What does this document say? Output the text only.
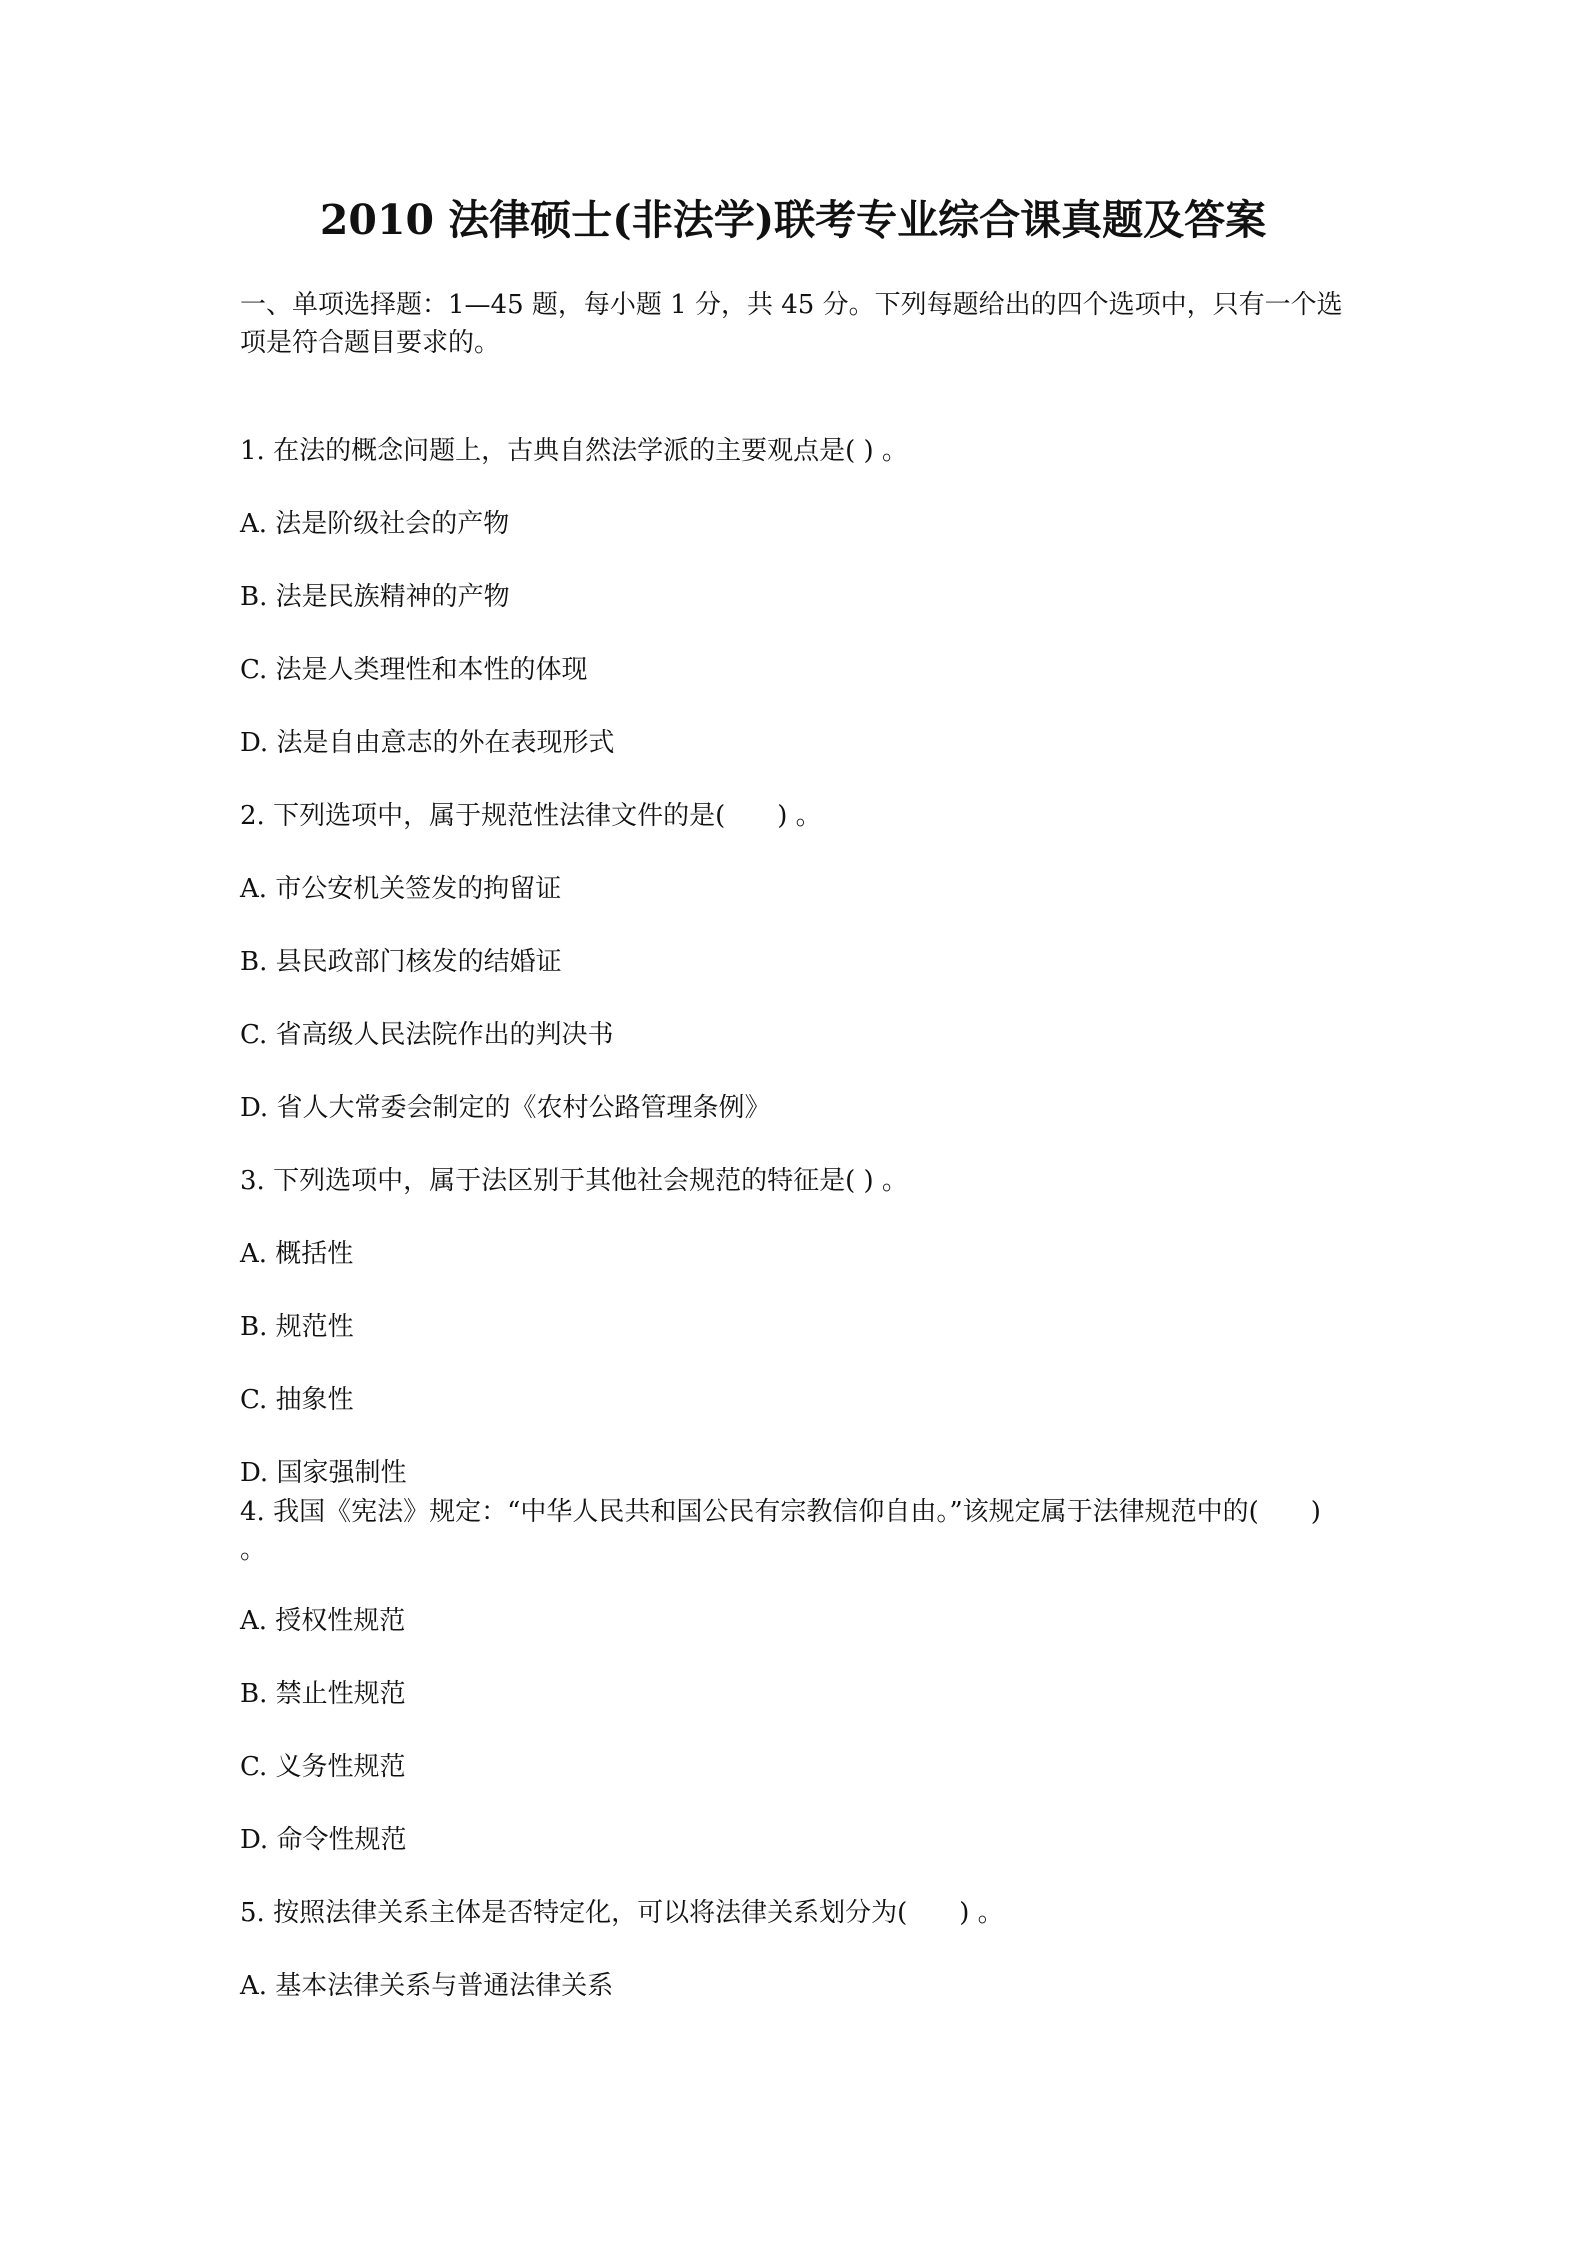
2010 法律硕士(非法学)联考专业综合课真题及答案

一、单项选择题：1—45 题，每小题 1 分，共 45 分。下列每题给出的四个选项中，只有一个选项是符合题目要求的。

1. 在法的概念问题上，古典自然法学派的主要观点是( ) 。

A. 法是阶级社会的产物

B. 法是民族精神的产物

C. 法是人类理性和本性的体现

D. 法是自由意志的外在表现形式

2. 下列选项中，属于规范性法律文件的是(　　) 。

A. 市公安机关签发的拘留证

B. 县民政部门核发的结婚证

C. 省高级人民法院作出的判决书

D. 省人大常委会制定的《农村公路管理条例》

3. 下列选项中，属于法区别于其他社会规范的特征是( ) 。

A. 概括性

B. 规范性

C. 抽象性

D. 国家强制性

4. 我国《宪法》规定：“中华人民共和国公民有宗教信仰自由。”该规定属于法律规范中的(　　) 。

A. 授权性规范

B. 禁止性规范

C. 义务性规范

D. 命令性规范

5. 按照法律关系主体是否特定化，可以将法律关系划分为(　　) 。

A. 基本法律关系与普通法律关系
